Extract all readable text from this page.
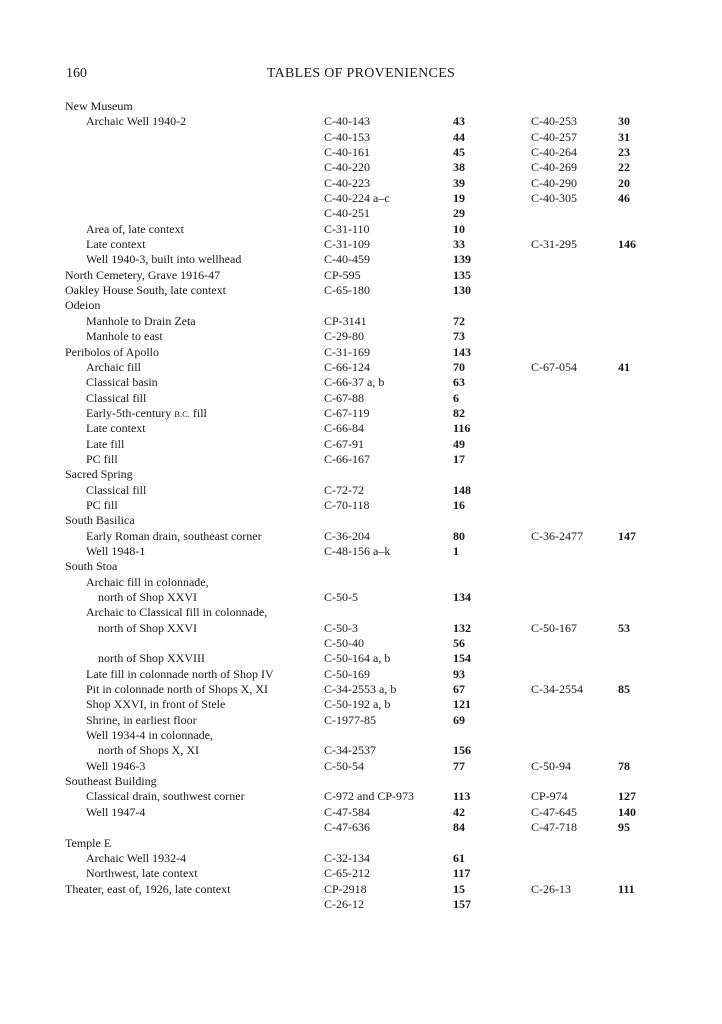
160	TABLES OF PROVENIENCES
New Museum
Archaic Well 1940-2	C-40-143	43	C-40-253	30
C-40-153	44	C-40-257	31
C-40-161	45	C-40-264	23
C-40-220	38	C-40-269	22
C-40-223	39	C-40-290	20
C-40-224 a–c	19	C-40-305	46
C-40-251	29
Area of, late context	C-31-110	10
Late context	C-31-109	33	C-31-295	146
Well 1940-3, built into wellhead	C-40-459	139
North Cemetery, Grave 1916-47	CP-595	135
Oakley House South, late context	C-65-180	130
Odeion
Manhole to Drain Zeta	CP-3141	72
Manhole to east	C-29-80	73
Peribolos of Apollo	C-31-169	143
Archaic fill	C-66-124	70	C-67-054	41
Classical basin	C-66-37 a, b	63
Classical fill	C-67-88	6
Early-5th-century B.C. fill	C-67-119	82
Late context	C-66-84	116
Late fill	C-67-91	49
PC fill	C-66-167	17
Sacred Spring
Classical fill	C-72-72	148
PC fill	C-70-118	16
South Basilica
Early Roman drain, southeast corner	C-36-204	80	C-36-2477	147
Well 1948-1	C-48-156 a–k	1
South Stoa
Archaic fill in colonnade,
north of Shop XXVI	C-50-5	134
Archaic to Classical fill in colonnade,
north of Shop XXVI	C-50-3	132	C-50-167	53
C-50-40	56
north of Shop XXVIII	C-50-164 a, b	154
Late fill in colonnade north of Shop IV	C-50-169	93
Pit in colonnade north of Shops X, XI	C-34-2553 a, b	67	C-34-2554	85
Shop XXVI, in front of Stele	C-50-192 a, b	121
Shrine, in earliest floor	C-1977-85	69
Well 1934-4 in colonnade,
north of Shops X, XI	C-34-2537	156
Well 1946-3	C-50-54	77	C-50-94	78
Southeast Building
Classical drain, southwest corner	C-972 and CP-973	113	CP-974	127
Well 1947-4	C-47-584	42	C-47-645	140
C-47-636	84	C-47-718	95
Temple E
Archaic Well 1932-4	C-32-134	61
Northwest, late context	C-65-212	117
Theater, east of, 1926, late context	CP-2918	15	C-26-13	111
C-26-12	157
